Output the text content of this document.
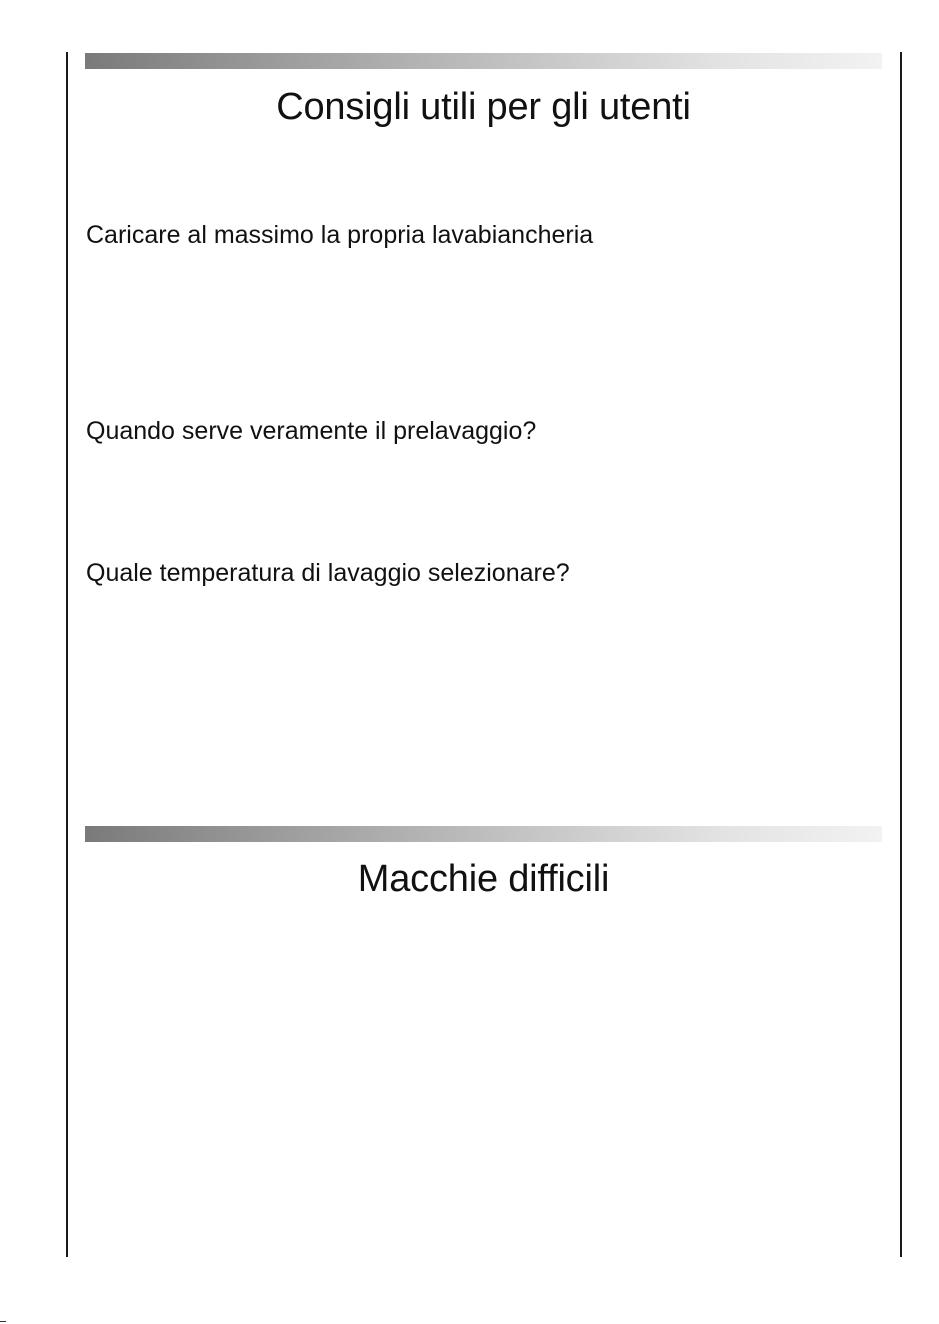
Consigli utili per gli utenti
Caricare al massimo la propria lavabiancheria
Quando serve veramente il prelavaggio?
Quale temperatura di lavaggio selezionare?
Macchie difficili
